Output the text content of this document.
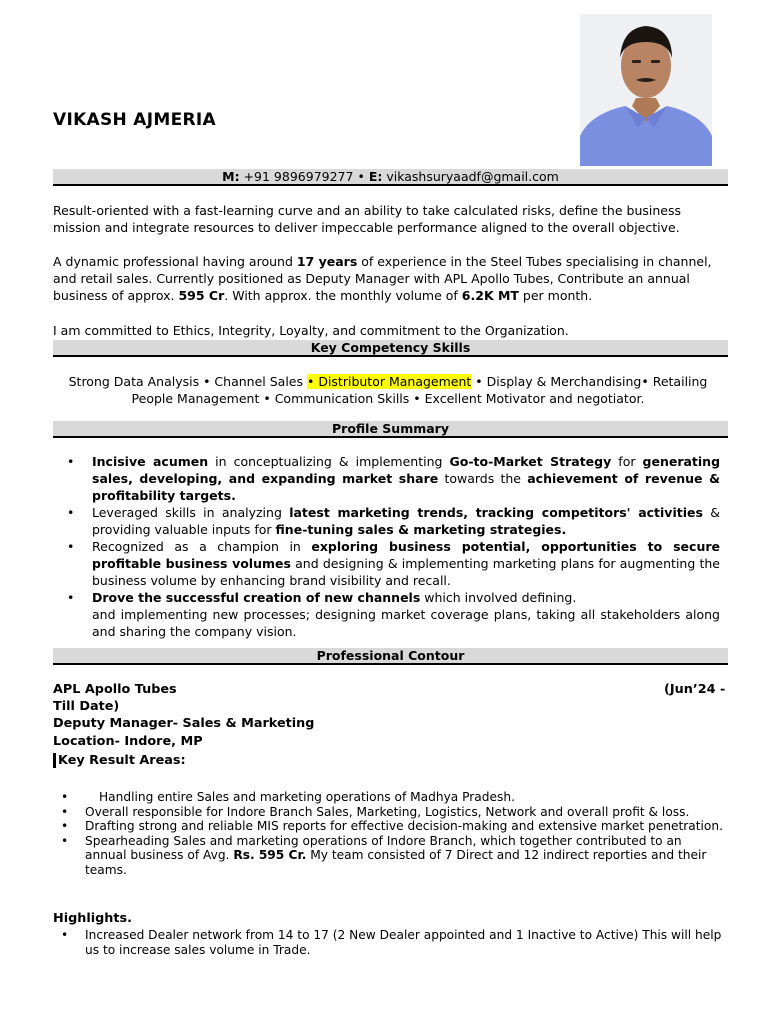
VIKASH AJMERIA
M: +91 9896979277 • E: vikashsuryaadf@gmail.com
Result-oriented with a fast-learning curve and an ability to take calculated risks, define the business mission and integrate resources to deliver impeccable performance aligned to the overall objective.
A dynamic professional having around 17 years of experience in the Steel Tubes specialising in channel, and retail sales. Currently positioned as Deputy Manager with APL Apollo Tubes, Contribute an annual business of approx. 595 Cr. With approx. the monthly volume of 6.2K MT per month.
I am committed to Ethics, Integrity, Loyalty, and commitment to the Organization.
Key Competency Skills
Strong Data Analysis • Channel Sales • Distributor Management • Display & Merchandising• Retailing People Management • Communication Skills • Excellent Motivator and negotiator.
Profile Summary
• Incisive acumen in conceptualizing & implementing Go-to-Market Strategy for generating sales, developing, and expanding market share towards the achievement of revenue & profitability targets.
• Leveraged skills in analyzing latest marketing trends, tracking competitors' activities & providing valuable inputs for fine-tuning sales & marketing strategies.
• Recognized as a champion in exploring business potential, opportunities to secure profitable business volumes and designing & implementing marketing plans for augmenting the business volume by enhancing brand visibility and recall.
• Drove the successful creation of new channels which involved defining.
and implementing new processes; designing market coverage plans, taking all stakeholders along and sharing the company vision.
Professional Contour
APL Apollo Tubes	(Jun’24 -
Till Date)
Deputy Manager- Sales & Marketing
Location- Indore, MP
Key Result Areas:
•	Handling entire Sales and marketing operations of Madhya Pradesh.
• Overall responsible for Indore Branch Sales, Marketing, Logistics, Network and overall profit & loss.
• Drafting strong and reliable MIS reports for effective decision-making and extensive market penetration.
• Spearheading Sales and marketing operations of Indore Branch, which together contributed to an annual business of Avg. Rs. 595 Cr. My team consisted of 7 Direct and 12 indirect reporties and their teams.
Highlights.
• Increased Dealer network from 14 to 17 (2 New Dealer appointed and 1 Inactive to Active) This will help us to increase sales volume in Trade.
